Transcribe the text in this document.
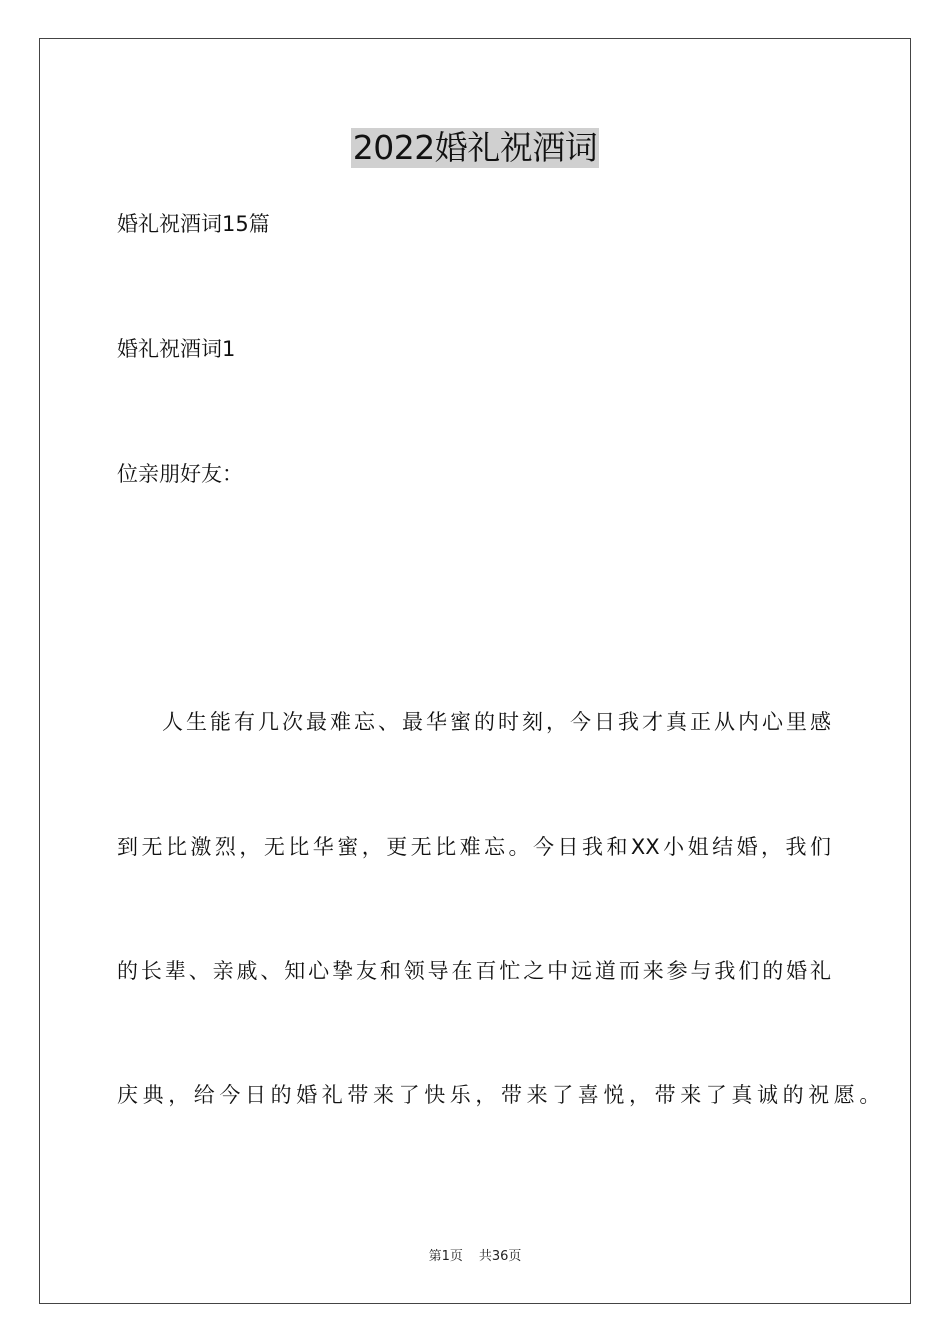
2022婚礼祝酒词
婚礼祝酒词15篇
婚礼祝酒词1
位亲朋好友：
人生能有几次最难忘、最华蜜的时刻，今日我才真正从内心里感
到无比激烈，无比华蜜，更无比难忘。今日我和XX小姐结婚，我们
的长辈、亲戚、知心挚友和领导在百忙之中远道而来参与我们的婚礼
庆典，给今日的婚礼带来了快乐，带来了喜悦，带来了真诚的祝愿。
第1页 共36页
